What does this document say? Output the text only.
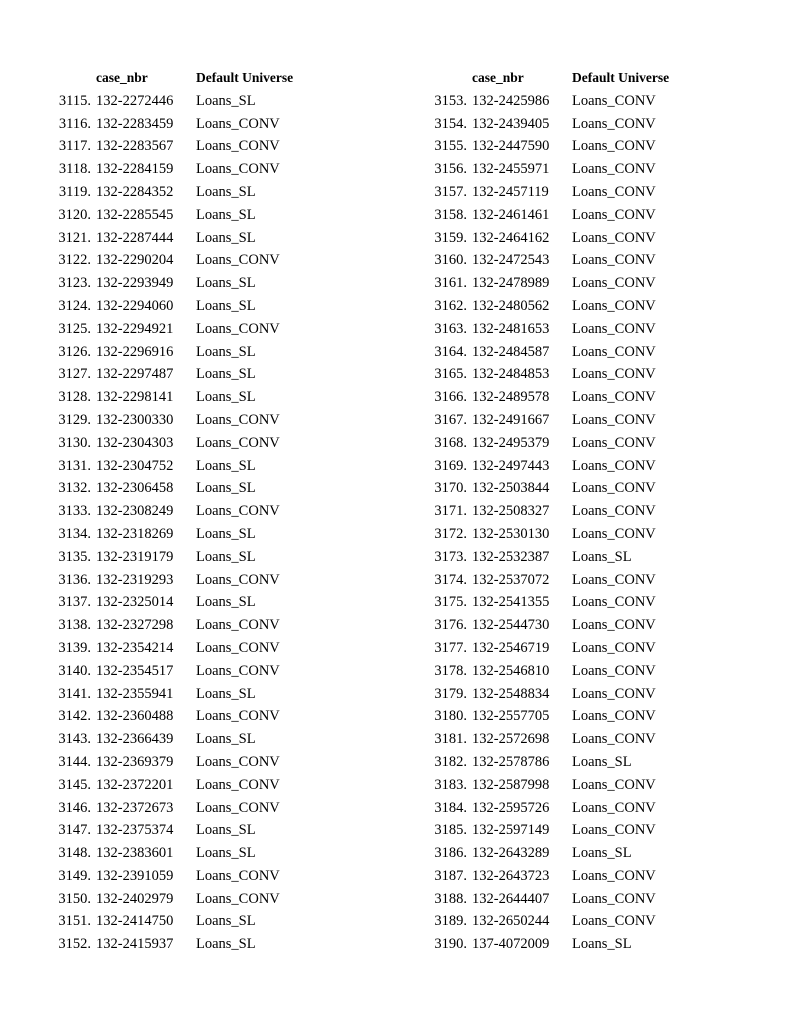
case_nbr	Default Universe
3115. 132-2272446	Loans_SL
3116. 132-2283459	Loans_CONV
3117. 132-2283567	Loans_CONV
3118. 132-2284159	Loans_CONV
3119. 132-2284352	Loans_SL
3120. 132-2285545	Loans_SL
3121. 132-2287444	Loans_SL
3122. 132-2290204	Loans_CONV
3123. 132-2293949	Loans_SL
3124. 132-2294060	Loans_SL
3125. 132-2294921	Loans_CONV
3126. 132-2296916	Loans_SL
3127. 132-2297487	Loans_SL
3128. 132-2298141	Loans_SL
3129. 132-2300330	Loans_CONV
3130. 132-2304303	Loans_CONV
3131. 132-2304752	Loans_SL
3132. 132-2306458	Loans_SL
3133. 132-2308249	Loans_CONV
3134. 132-2318269	Loans_SL
3135. 132-2319179	Loans_SL
3136. 132-2319293	Loans_CONV
3137. 132-2325014	Loans_SL
3138. 132-2327298	Loans_CONV
3139. 132-2354214	Loans_CONV
3140. 132-2354517	Loans_CONV
3141. 132-2355941	Loans_SL
3142. 132-2360488	Loans_CONV
3143. 132-2366439	Loans_SL
3144. 132-2369379	Loans_CONV
3145. 132-2372201	Loans_CONV
3146. 132-2372673	Loans_CONV
3147. 132-2375374	Loans_SL
3148. 132-2383601	Loans_SL
3149. 132-2391059	Loans_CONV
3150. 132-2402979	Loans_CONV
3151. 132-2414750	Loans_SL
3152. 132-2415937	Loans_SL
case_nbr	Default Universe
3153. 132-2425986	Loans_CONV
3154. 132-2439405	Loans_CONV
3155. 132-2447590	Loans_CONV
3156. 132-2455971	Loans_CONV
3157. 132-2457119	Loans_CONV
3158. 132-2461461	Loans_CONV
3159. 132-2464162	Loans_CONV
3160. 132-2472543	Loans_CONV
3161. 132-2478989	Loans_CONV
3162. 132-2480562	Loans_CONV
3163. 132-2481653	Loans_CONV
3164. 132-2484587	Loans_CONV
3165. 132-2484853	Loans_CONV
3166. 132-2489578	Loans_CONV
3167. 132-2491667	Loans_CONV
3168. 132-2495379	Loans_CONV
3169. 132-2497443	Loans_CONV
3170. 132-2503844	Loans_CONV
3171. 132-2508327	Loans_CONV
3172. 132-2530130	Loans_CONV
3173. 132-2532387	Loans_SL
3174. 132-2537072	Loans_CONV
3175. 132-2541355	Loans_CONV
3176. 132-2544730	Loans_CONV
3177. 132-2546719	Loans_CONV
3178. 132-2546810	Loans_CONV
3179. 132-2548834	Loans_CONV
3180. 132-2557705	Loans_CONV
3181. 132-2572698	Loans_CONV
3182. 132-2578786	Loans_SL
3183. 132-2587998	Loans_CONV
3184. 132-2595726	Loans_CONV
3185. 132-2597149	Loans_CONV
3186. 132-2643289	Loans_SL
3187. 132-2643723	Loans_CONV
3188. 132-2644407	Loans_CONV
3189. 132-2650244	Loans_CONV
3190. 137-4072009	Loans_SL
